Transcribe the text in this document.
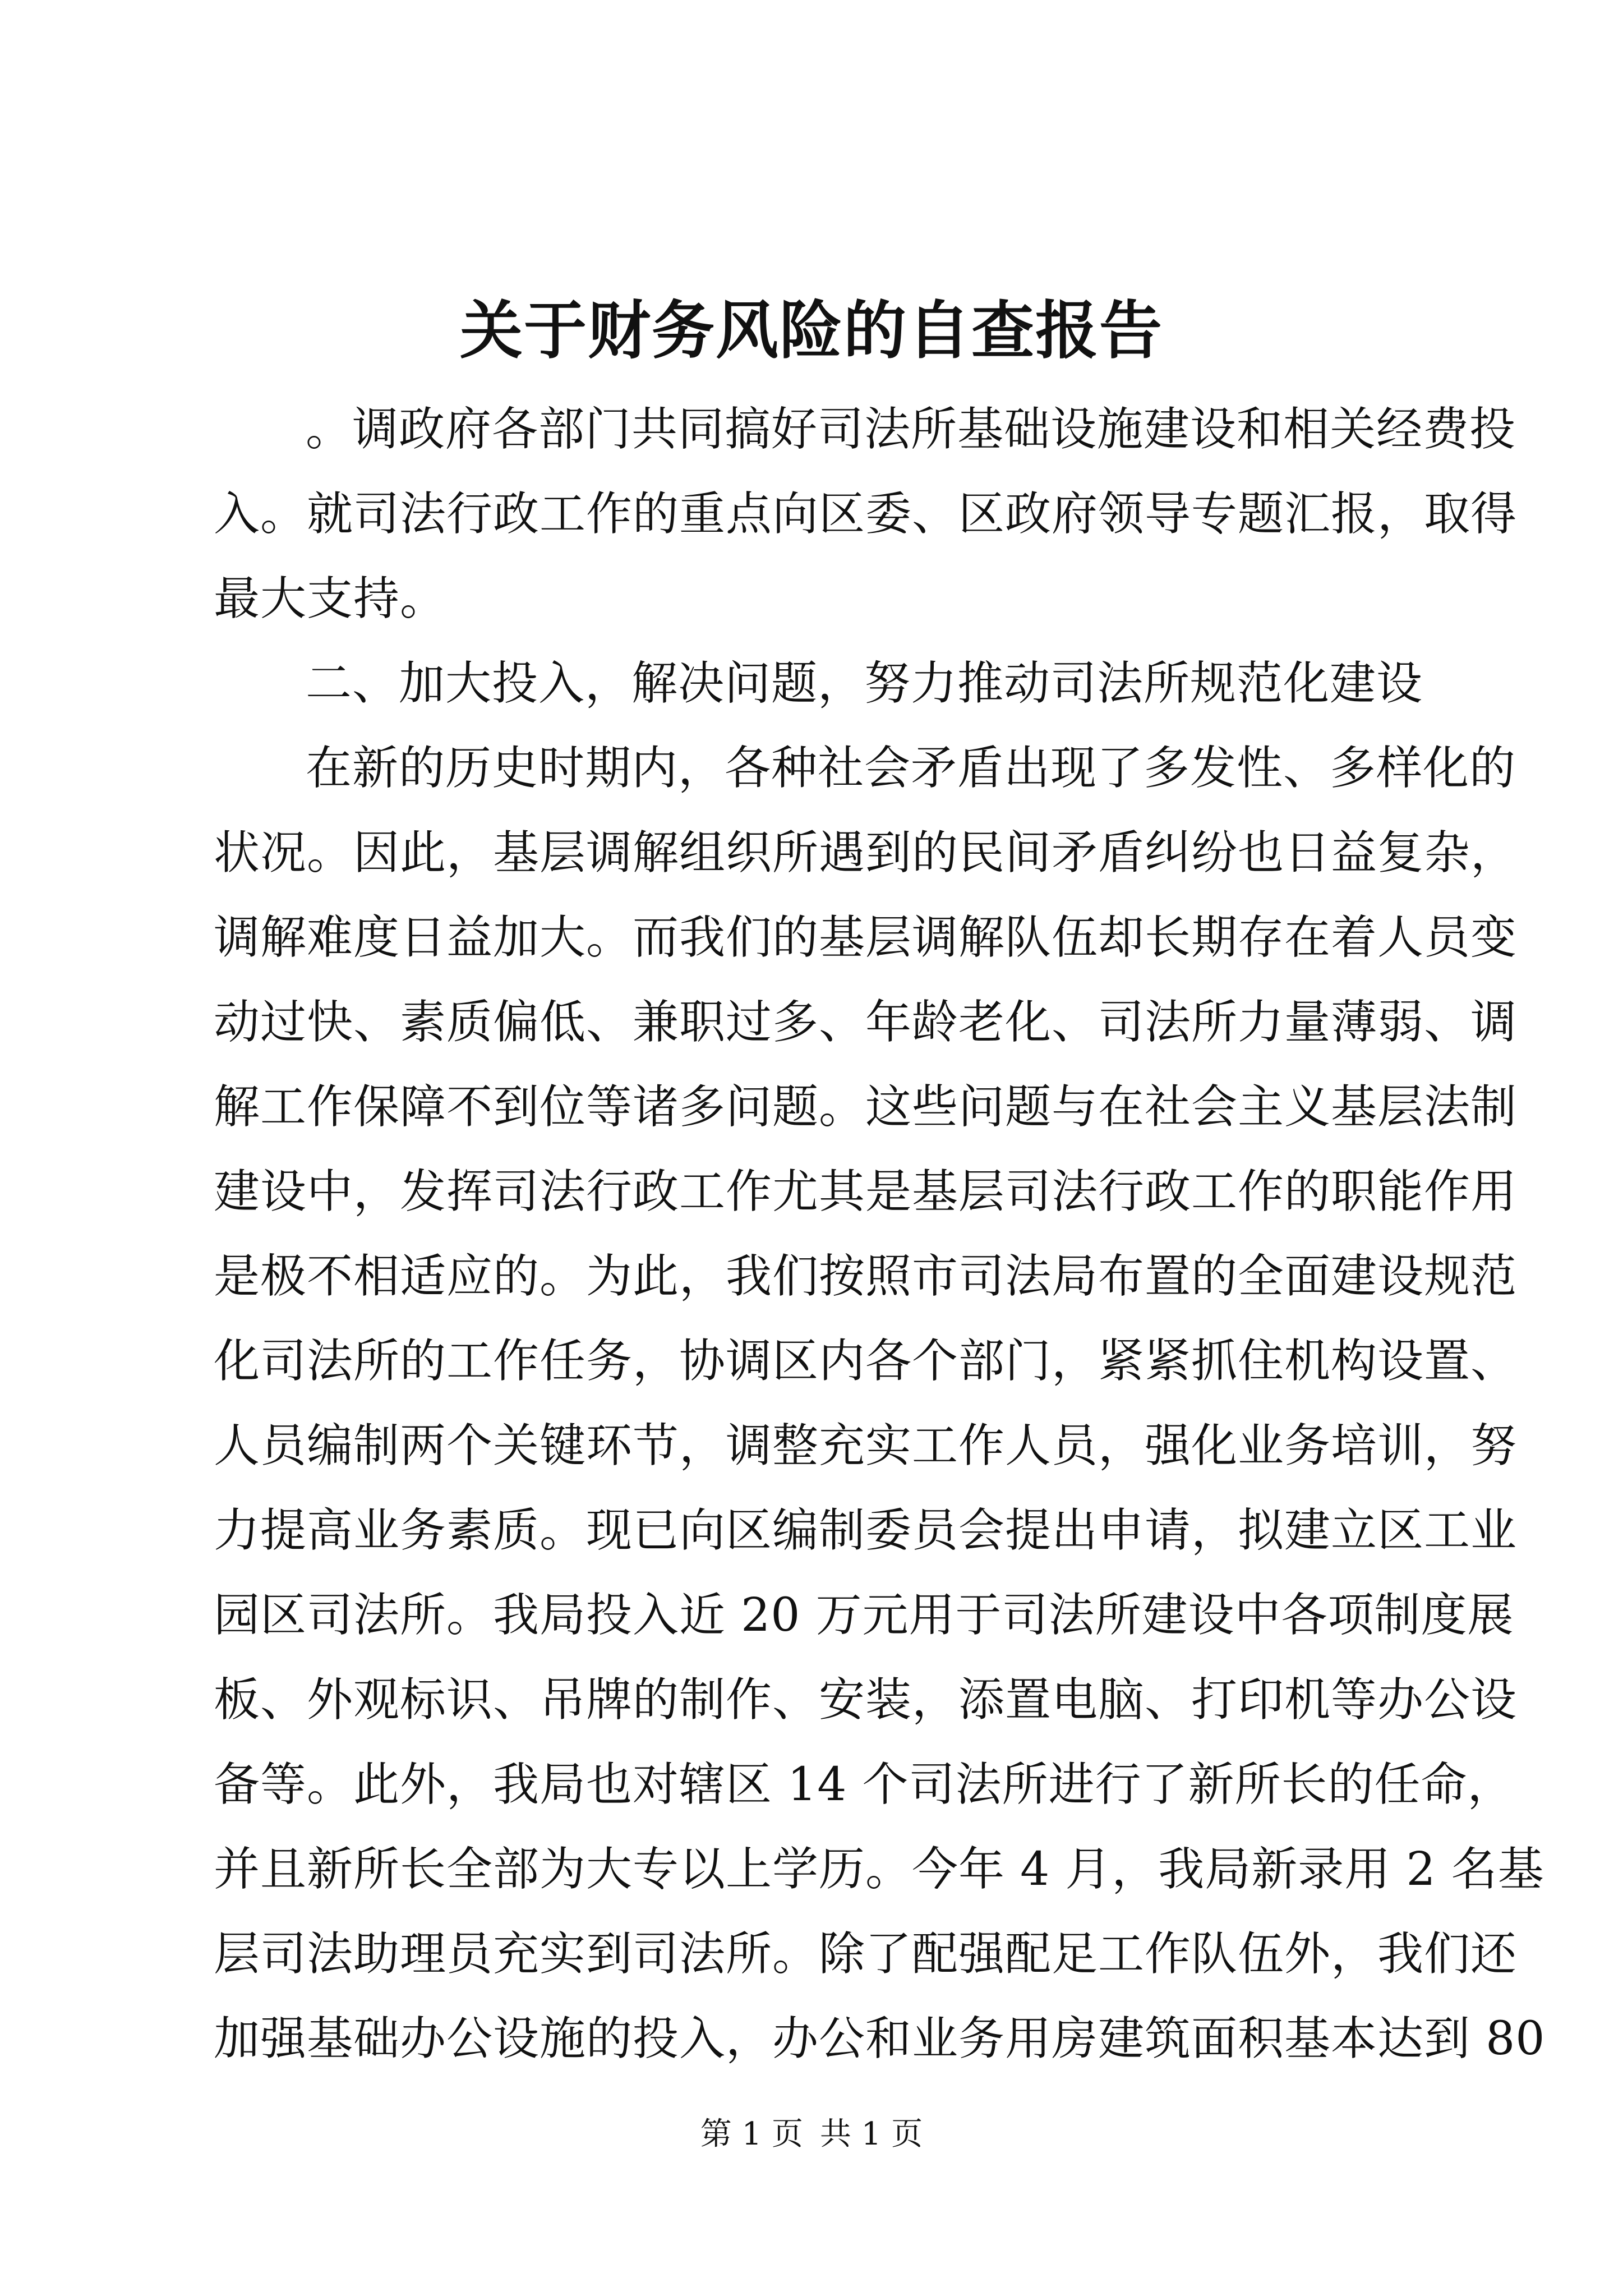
关于财务风险的自查报告
。调政府各部门共同搞好司法所基础设施建设和相关经费投
入。就司法行政工作的重点向区委、区政府领导专题汇报，取得
最大支持。
二、加大投入，解决问题，努力推动司法所规范化建设
在新的历史时期内，各种社会矛盾出现了多发性、多样化的
状况。因此，基层调解组织所遇到的民间矛盾纠纷也日益复杂，
调解难度日益加大。而我们的基层调解队伍却长期存在着人员变
动过快、素质偏低、兼职过多、年龄老化、司法所力量薄弱、调
解工作保障不到位等诸多问题。这些问题与在社会主义基层法制
建设中，发挥司法行政工作尤其是基层司法行政工作的职能作用
是极不相适应的。为此，我们按照市司法局布置的全面建设规范
化司法所的工作任务，协调区内各个部门，紧紧抓住机构设置、
人员编制两个关键环节，调整充实工作人员，强化业务培训，努
力提高业务素质。现已向区编制委员会提出申请，拟建立区工业
园区司法所。我局投入近 20 万元用于司法所建设中各项制度展
板、外观标识、吊牌的制作、安装，添置电脑、打印机等办公设
备等。此外，我局也对辖区 14 个司法所进行了新所长的任命，
并且新所长全部为大专以上学历。今年 4 月，我局新录用 2 名基
层司法助理员充实到司法所。除了配强配足工作队伍外，我们还
加强基础办公设施的投入，办公和业务用房建筑面积基本达到 80
第 1 页 共 1 页
